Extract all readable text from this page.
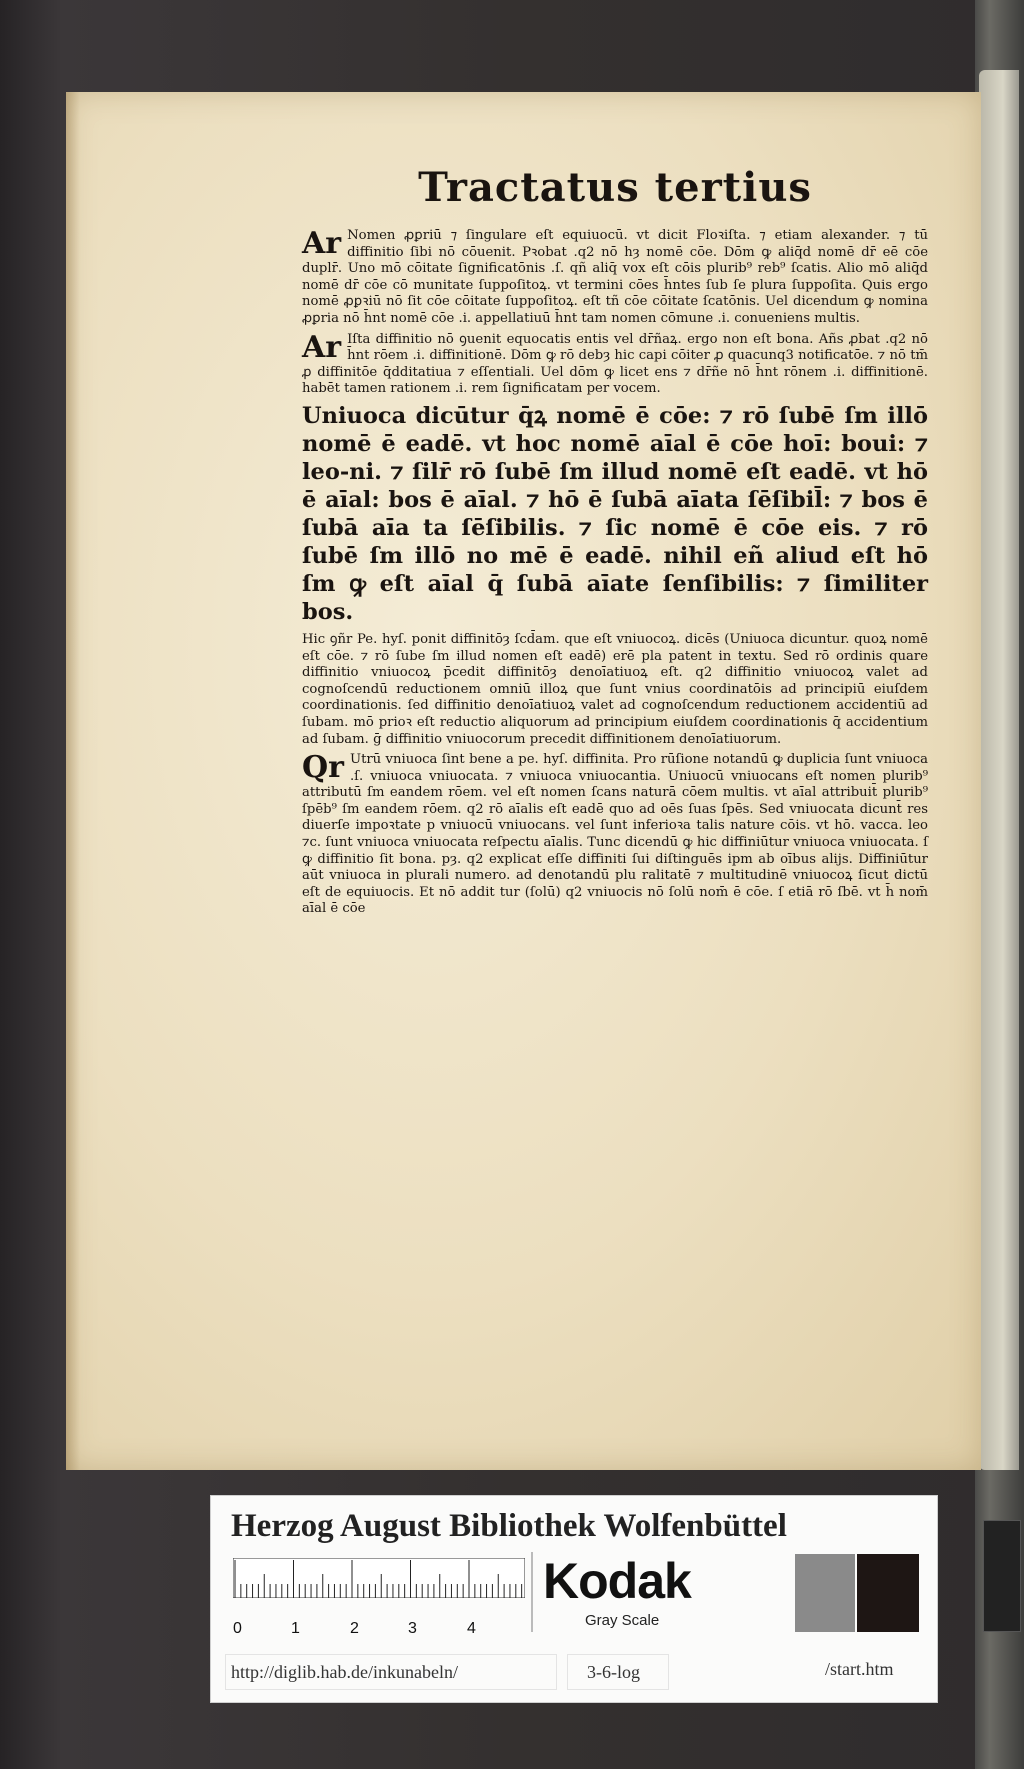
Tractatus tertius

Ar Nomen ꝓꝑriū ⁊ ſingulare eſt equiuocū. vt dicit Floꝛiſta. ⁊ etiam alexander. ⁊ tū diffinitio ſibi nō cōuenit. Pꝛobat .q2 nō hȝ nomē cōe. Dōm ꝙ aliq̄d nomē dr̄ eē cōe duplr̄. Uno mō cōitate ſignificatōnis .ſ. qñ aliq̄ vox eſt cōis plurib⁹ reb⁹ ſcatis. Alio mō aliq̄d nomē dr̄ cōe cō munitate ſuppoſitoꝝ. vt termini cōes h̄ntes ſub ſe plura ſuppoſita. Quis ergo nomē ꝓꝑꝛiū nō ſit cōe cōitate ſuppoſitoꝝ. eſt tñ cōe cōitate ſcatōnis. Uel dicendum ꝙ nomina ꝓꝑria nō h̄nt nomē cōe .i. appellatiuū h̄nt tam nomen cōmune .i. conueniens multis.

Ar Iſta diffinitio nō ꝯuenit equocatis entis vel dr̄ñaꝝ. ergo non eſt bona. Añs ꝓbat .q2 nō h̄nt rōem .i. diffinitionē. Dōm ꝙ rō debȝ hic capi cōiter ꝓ quacunq3 notificatōe. ⁊ nō tm̄ ꝓ diffinitōe q̄dditatiua ⁊ eſſentiali. Uel dōm ꝙ licet ens ⁊ dr̄ñe nō h̄nt rōnem .i. diffinitionē. habēt tamen rationem .i. rem ſignificatam per vocem.

Uniuoca dicūtur q̄ꝝ nomē ē cōe: ⁊ rō ſubē ſm illō nomē ē eadē. vt hoc nomē aīal ē cōe hoī: boui: ⁊ leo-ni. ⁊ ſilr̄ rō ſubē ſm illud nomē eſt eadē. vt hō ē aīal: bos ē aīal. ⁊ hō ē ſubā aīata ſēſibil̄: ⁊ bos ē ſubā aīa ta ſēſibilis. ⁊ ſic nomē ē cōe eis. ⁊ rō ſubē ſm illō no mē ē eadē. nihil eñ aliud eſt hō ſm ꝙ eſt aīal q̄ ſubā aīate ſenſibilis: ⁊ ſimiliter bos.

Hic ꝯñr Pe. hyſ. ponit diffinitōȝ ſcd̄am. que eſt vniuocoꝝ. dicēs (Uniuoca dicuntur. quoꝝ nomē eſt cōe. ⁊ rō ſube ſm illud nomen eſt eadē) erē pla patent in textu. Sed rō ordinis quare diffinitio vniuocoꝝ p̄cedit diffinitōȝ denoīatiuoꝝ eſt. q2 diffinitio vniuocoꝝ valet ad cognoſcendū reductionem omniū illoꝝ que ſunt vnius coordinatōis ad principiū eiuſdem coordinationis. ſed diffinitio denoīatiuoꝝ valet ad cognoſcendum reductionem accidentiū ad ſubam. mō prioꝛ eſt reductio aliquorum ad principium eiuſdem coordinationis q̄ accidentium ad ſubam. ḡ diffinitio vniuocorum precedit diffinitionem denoīatiuorum.

Qr Utrū vniuoca ſint bene a pe. hyſ. diffinita. Pro rūſione notandū ꝙ duplicia ſunt vniuoca .ſ. vniuoca vniuocata. ⁊ vniuoca vniuocantia. Uniuocū vniuocans eſt nomen plurib⁹ attributū ſm eandem rōem. vel eſt nomen ſcans naturā cōem multis. vt aīal attribuit̄ plurib⁹ ſpēb⁹ ſm eandem rōem. q2 rō aīalis eſt eadē quo ad oēs ſuas ſpēs. Sed vniuocata dicunt̄ res diuerſe impoꝛtate p vniuocū vniuocans. vel ſunt inferioꝛa talis nature cōis. vt hō. vacca. leo ⁊c. ſunt vniuoca vniuocata reſpectu aīalis. Tunc dicendū ꝙ hic diffiniūtur vniuoca vniuocata. ſ ꝙ diffinitio ſit bona. pȝ. q2 explicat eſſe diffiniti ſui diſtinguēs ipm ab oībus alijs. Diffiniūtur aūt vniuoca in plurali numero. ad denotandū plu ralitatē ⁊ multitudinē vniuocoꝝ ſicut dictū eſt de equiuocis. Et nō addit tur (ſolū) q2 vniuocis nō ſolū nom̄ ē cōe. ſ etiā rō ſbē. vt h̄ nom̄ aīal ē cōe

Herzog August Bibliothek Wolfenbüttel
0	1	2	3	4
Kodak
Gray Scale
http://diglib.hab.de/inkunabeln/	3-6-log	/start.htm
